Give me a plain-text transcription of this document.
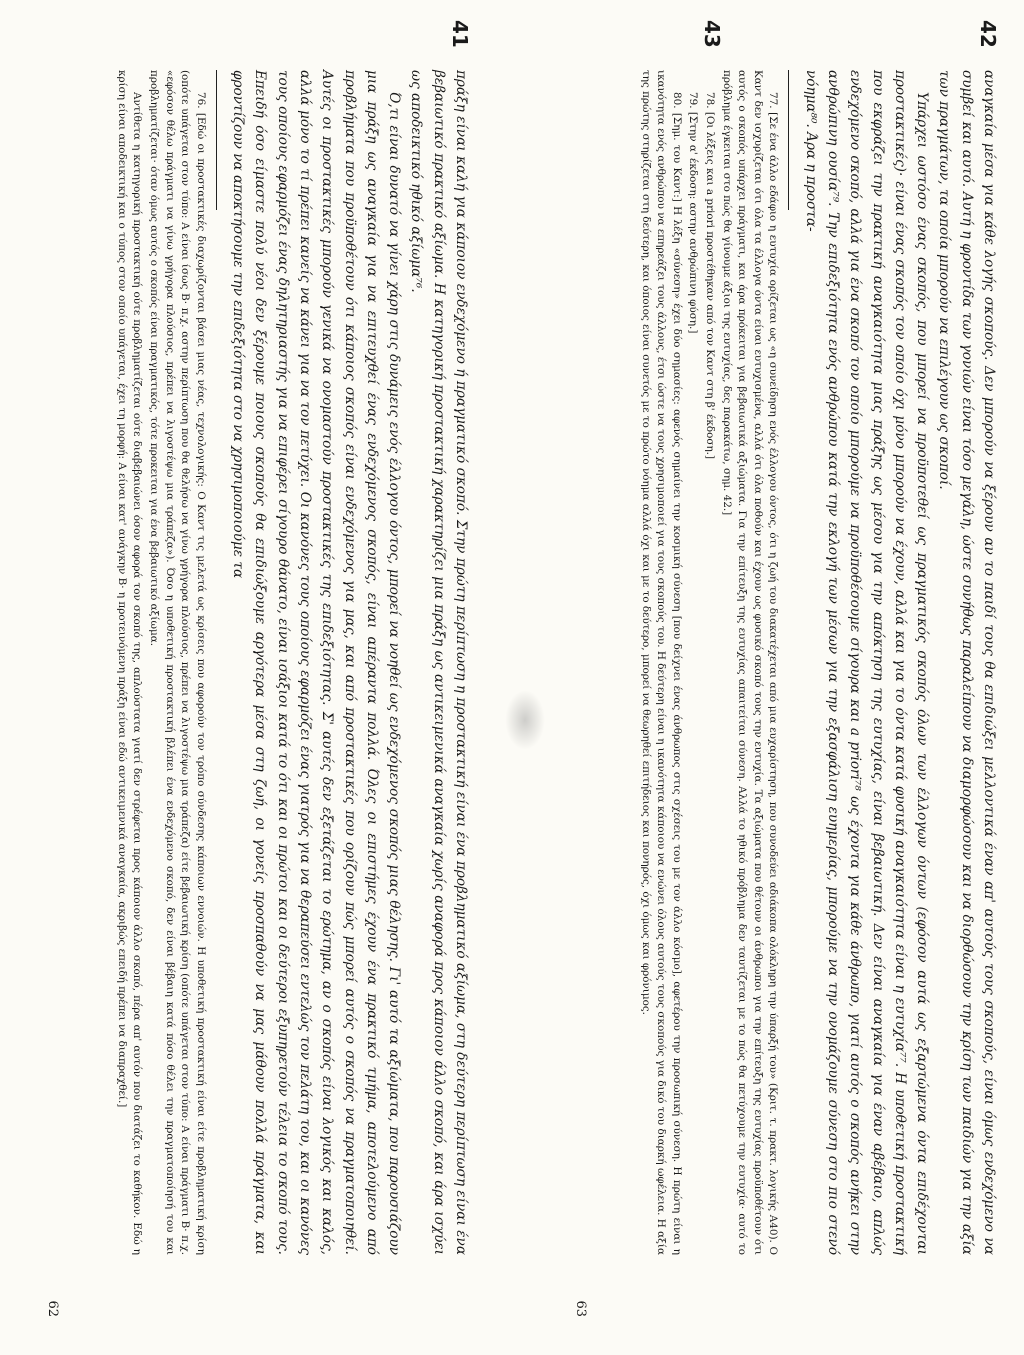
41

πράξη είναι καλή για κάποιον ενδεχόμενο ή πραγματικό σκοπό. Στην πρώτη περίπτωση η προστακτική είναι ένα προβληματικό αξίωμα, στη δεύτερη περίπτωση είναι ένα βεβαιωτικό πρακτικό αξίωμα. Η κατηγορική προστακτική χαρακτηρίζει μια πράξη ως αντικειμενικά αναγκαία χωρίς αναφορά προς κάποιον άλλο σκοπό, και άρα ισχύει ως αποδεικτικό ηθικό αξίωμα⁷⁶.

Ό,τι είναι δυνατό να γίνει χάρη στις δυνάμεις ενός έλλογου όντος, μπορεί να νοηθεί ως ενδεχόμενος σκοπός μιας θέλησης. Γι' αυτό τα αξιώματα, που παρουσιάζουν μια πράξη ως αναγκαία για να επιτευχθεί ένας ενδεχόμενος σκοπός, είναι απέραντα πολλά. Όλες οι επιστήμες έχουν ένα πρακτικό τμήμα, αποτελούμενο από προβλήματα που προϋποθέτουν ότι κάποιος σκοπός είναι ενδεχόμενος για μας, και από προστακτικές που ορίζουν πώς μπορεί αυτός ο σκοπός να πραγματοποιηθεί. Αυτές οι προστακτικές μπορούν γενικά να ονομαστούν προστακτικές της επιδεξιότητας. Σ' αυτές δεν εξετάζεται το ερώτημα, αν ο σκοπός είναι λογικός και καλός, αλλά μόνο το τί πρέπει κανείς να κάνει για να τον πετύχει. Οι κανόνες τους οποίους εφαρμόζει ένας γιατρός για να θεραπεύσει εντελώς τον πελάτη του, και οι κανόνες τους οποίους εφαρμόζει ένας δηλητηριαστής για να επιφέρει σίγουρο θάνατο, είναι ισάξιοι κατά το ότι και οι πρώτοι και οι δεύτεροι εξυπηρετούν τέλεια το σκοπό τους. Επειδή όσο είμαστε πολύ νέοι δεν ξέρουμε ποιους σκοπούς θα επιδιώξουμε αργότερα μέσα στη ζωή, οι γονείς προσπαθούν να μας μάθουν πολλά πράγματα, και φροντίζουν να αποκτήσουμε την επιδεξιότητα στο να χρησιμοποιούμε τα

76. [Εδώ οι προστακτικές διαχωρίζονται βάσει μιας νέας, τεχνολογικής: Ο Καντ τις μελετά ως κρίσεις που αφορούν τον τρόπο σύνδεσης κάποιων εννοιών. Η υποθετική προστακτική είναι είτε προβληματική κρίση (οπότε υπάγεται στον τύπο: Α είναι ίσως Β· π.χ. αστην περίπτωση που θα θελήσω να γίνω γρήγορα πλούσιος, πρέπει να λιγοστέψω μια τράπεζα) είτε βεβαιωτική κρίση (οπότε υπάγεται στον τύπο: Α είναι πράγματι Β· π.χ. «εφόσον θέλω πράγματι να γίνω γρήγορα πλούσιος, πρέπει να λιγοστέψω μια τράπεζα»). Όσο η υποθετική προστακτική βλέπει ένα ενδεχόμενο σκοπό, δεν είναι βέβαιη κατά πόσο θέλει την πραγματοποίησή του και προβληματίζεται· όταν όμως αυτός ο σκοπός είναι πραγματικός, τότε προκειται για ένα βεβαιωτικό αξίωμα.

Αντίθετα η κατηγορική προστακτική ούτε προβληματίζεται ούτε διαβεβαιώνει όσον αφορά τον σκοπό της, απλούστατα γιατί δεν στρέφεται προς κάποιον άλλο σκοπό, πέρα απ' αυτόν που διατάζει το καθήκον. Εδώ η κρίση είναι αποδεικτική και ο τύπος στον οποίο υπάγεται, έχει τη μορφή: Α είναι κατ' ανάγκην Β· η προτεινόμενη πράξη είναι εδώ αντικειμενικά αναγκαία, ακριβώς επειδή πρέπει να διαπραχθεί.]

62
42
43

αναγκαία μέσα για κάθε λογής σκοπούς. Δεν μπορούν να ξέρουν αν το παιδί τους θα επιδιώξει μελλοντικά έναν απ' αυτούς τους σκοπούς, είναι όμως ενδεχόμενο να συμβεί και αυτό. Αυτή η φροντίδα των γονιών είναι τόσο μεγάλη, ώστε συνήθως παραλείπουν να διαμορφώσουν και να διορθώσουν την κρίση των παιδιών για την αξία των πραγμάτων, τα οποία μπορούν να επιλέγουν ως σκοποί.

Υπάρχει ωστόσο ένας σκοπός, που μπορεί να προϋποτεθεί ως πραγματικός σκοπός όλων των έλλογων όντων (εφόσον αυτά ως εξαρτώμενα όντα επιδέχονται προστακτικές)· είναι ένας σκοπός τον οποίο όχι μόνο μπορούν να έχουν, αλλά και για το όντα κατά φυσική αναγκαιότητα είναι η ευτυχία⁷⁷. Η υποθετική προστακτική που εκφράζει την πρακτική αναγκαιότητα μιας πράξης ως μέσου για την απόκτηση της ευτυχίας, είναι βεβαιωτική. Δεν είναι αναγκαία για έναν αβέβαιο, απλώς ενδεχόμενο σκοπό, αλλά για ένα σκοπό τον οποίο μπορούμε να προϋποθέσουμε σίγουρα και a priori⁷⁸ ως έχοντα για κάθε άνθρωπο, γιατί αυτός ο σκοπός ανήκει στην ανθρώπινη ουσία⁷⁹. Την επιδεξιότητα ενός ανθρώπου κατά την εκλογή των μέσων για την εξασφάλιση ευημερίας, μπορούμε να την ονομάζουμε σύνεση στο πιο στενό νόημα⁸⁰. Άρα η προστα-

77. [Σε ένα άλλο εδάφιο η ευτυχία ορίζεται ως «η συνείδηση ενός έλλογου όντος, ότι η ζωή του διακατέχεται από μια ευχαρίστηση, που συνοδεύει αδιάκοπα ολόκληρη την ύπαρξή του» (Κριτ. τ. πρακτ. λογικής Α40). Ο Καντ δεν ισχυρίζεται ότι όλα τα έλλογα όντα είναι ευτυχισμένα, αλλά ότι όλα ποθούν και έχουν ως φυσικό σκοπό τους την ευτυχία. Τα αξιώματα που θέτουν οι άνθρωποι για την επίτευξη της ευτυχίας προϋποθέτουν ότι αυτός ο σκοπός υπάρχει πράγματι, και άρα πρόκειται για βεβαιωτικά αξιώματα. Για την επίτευξη της ευτυχίας απαιτείται σύνεση. Αλλά το ηθικό πρόβλημα δεν ταυτίζεται με το πώς θα πετύχουμε την ευτυχία· αυτό το πρόβλημα έγκειται στο πώς θα γίνουμε άξιοι της ευτυχίας, δες παρακάτω, σημ. 42.]

78. [Οι λέξεις και a priori προστέθηκαν από τον Καντ στη β' έκδοση.]

79. [Στην α' έκδοση: αστην ανθρώπινη φύση.]

80. [Σημ. του Καντ:] Η λέξη «σύνεση» έχει δύο σημασίες: αφενός σημαίνει την κοσμική σύνεση [που δείχνει ένας άνθρωπος στις σχέσεις του με τον άλλο κόσμο], αφετέρου την προσωπική σύνεση. Η πρώτη είναι η ικανότητα ενός ανθρώπου να επηρεάζει τους άλλους, έτσι ώστε να τους χρησιμοποιεί για τους σκοπούς του. Η δεύτερη είναι η ικανότητα κάποιου να ενώνει όλους αυτούς τους σκοπούς για δικό του διαρκή ωφέλεια. Η αξία της πρώτης στηρίζεται στη δεύτερη, και όποιος είναι συνετός με το πρώτο νόημα αλλά όχι και με το δεύτερο, μπορεί να θεωρηθεί επιτήδειος και πονηρός, όχι όμως και φρόνιμος.

63
